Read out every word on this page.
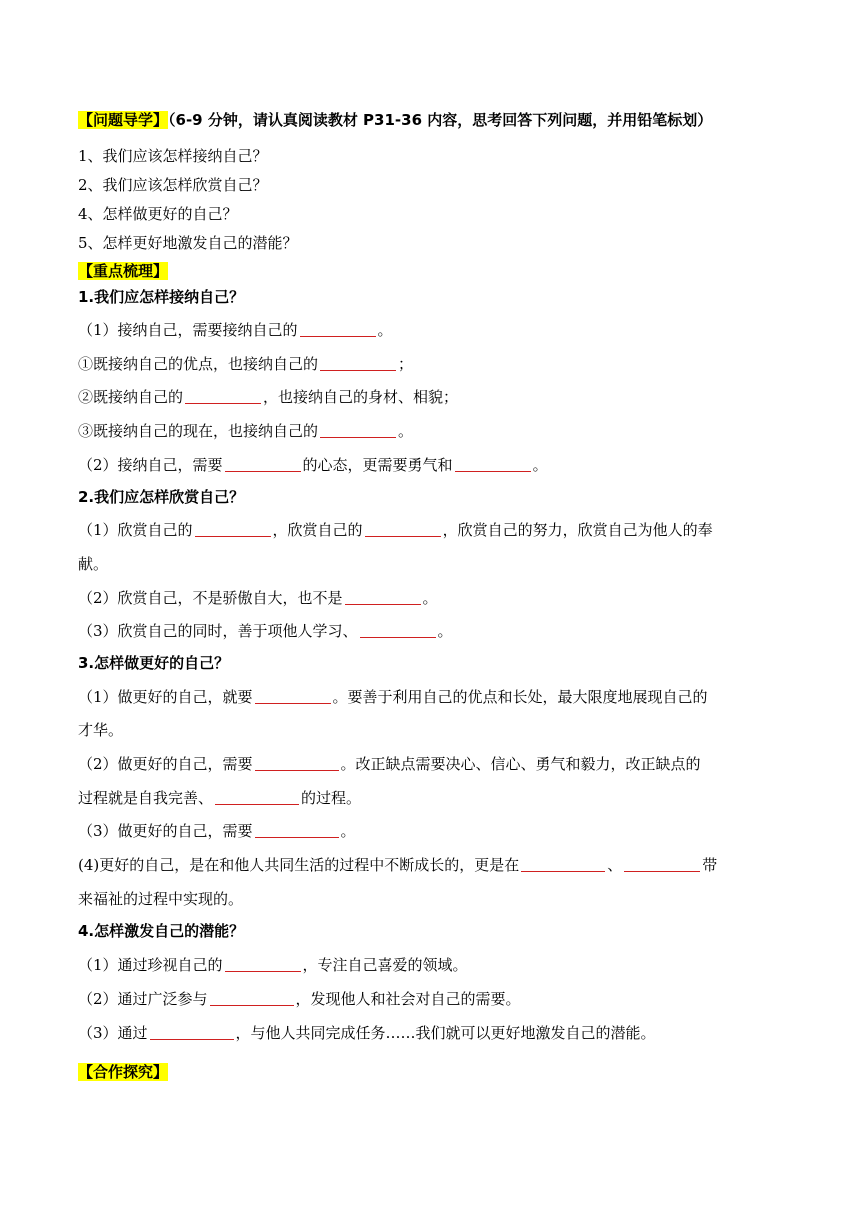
【问题导学】（6-9 分钟，请认真阅读教材 P31-36 内容，思考回答下列问题，并用铅笔标划）
1、我们应该怎样接纳自己？
2、我们应该怎样欣赏自己？
4、怎样做更好的自己？
5、怎样更好地激发自己的潜能？
【重点梳理】
1.我们应怎样接纳自己？
（1）接纳自己，需要接纳自己的	。
①既接纳自己的优点，也接纳自己的	；
②既接纳自己的	，也接纳自己的身材、相貌；
③既接纳自己的现在，也接纳自己的	。
（2）接纳自己，需要	的心态，更需要勇气和	。
2.我们应怎样欣赏自己？
（1）欣赏自己的	，欣赏自己的	，欣赏自己的努力，欣赏自己为他人的奉
献。
（2）欣赏自己，不是骄傲自大，也不是	。
（3）欣赏自己的同时，善于项他人学习、	。
3.怎样做更好的自己？
（1）做更好的自己，就要	。要善于利用自己的优点和长处，最大限度地展现自己的
才华。
（2）做更好的自己，需要	。改正缺点需要决心、信心、勇气和毅力，改正缺点的
过程就是自我完善、	的过程。
（3）做更好的自己，需要	。
(4)更好的自己，是在和他人共同生活的过程中不断成长的，更是在	、	带
来福祉的过程中实现的。
4.怎样激发自己的潜能？
（1）通过珍视自己的	，专注自己喜爱的领域。
（2）通过广泛参与	，发现他人和社会对自己的需要。
（3）通过	，与他人共同完成任务……我们就可以更好地激发自己的潜能。
【合作探究】
